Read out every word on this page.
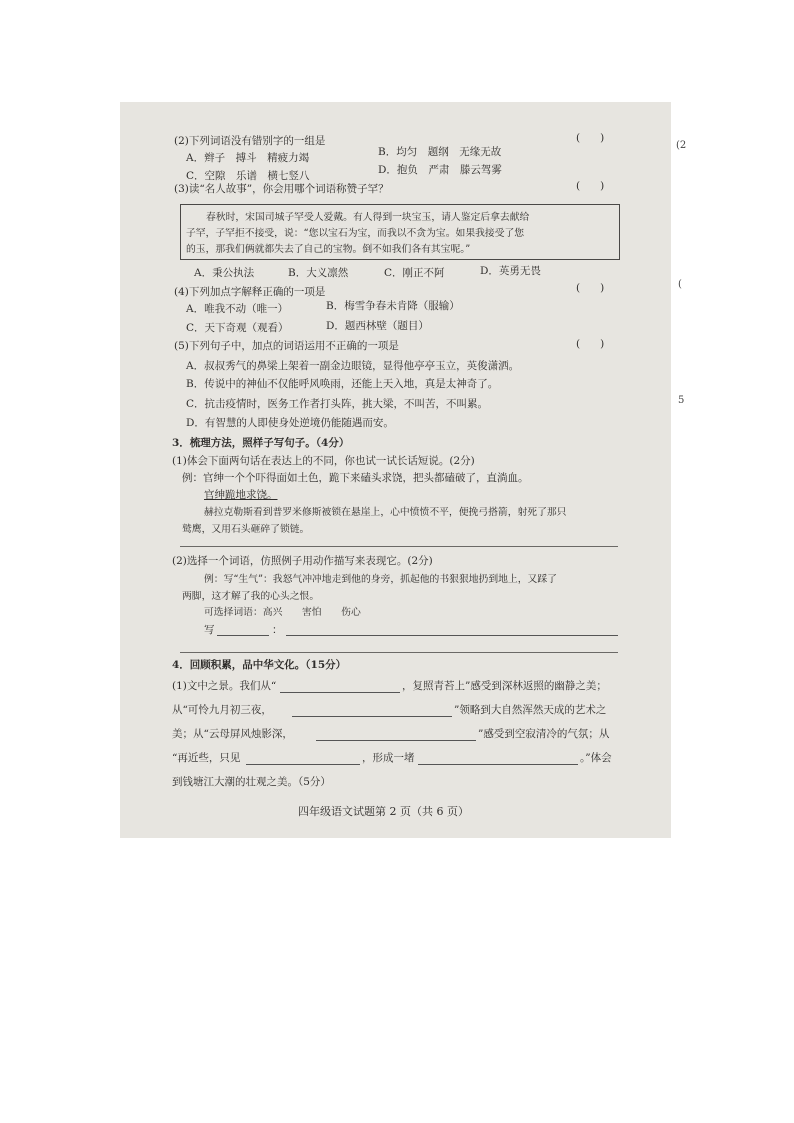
(2)下列词语没有错别字的一组是	(      )
A．辫子　搏斗　精疲力竭	B．均匀　题纲　无缘无故
C．空隙　乐谱　横七竖八	D．抱负　严肃　滕云驾雾
(3)读“名人故事”，你会用哪个词语称赞子罕？	(      )
春秋时，宋国司城子罕受人爱戴。有人得到一块宝玉，请人鉴定后拿去献给
子罕，子罕拒不接受，说：“您以宝石为宝，而我以不贪为宝。如果我接受了您
的玉，那我们俩就都失去了自己的宝物。倒不如我们各有其宝呢。”
A．秉公执法	B．大义凛然	C．刚正不阿	D．英勇无畏
(4)下列加点字解释正确的一项是	(      )
A．唯我不动（唯一）	B．梅雪争春未肯降（服输）
C．天下奇观（观看）	D．题西林壁（题目）
(5)下列句子中，加点的词语运用不正确的一项是	(      )
A．叔叔秀气的鼻梁上架着一副金边眼镜，显得他亭亭玉立，英俊潇洒。
B．传说中的神仙不仅能呼风唤雨，还能上天入地，真是太神奇了。
C．抗击疫情时，医务工作者打头阵，挑大梁，不叫苦，不叫累。
D．有智慧的人即使身处逆境仍能随遇而安。
3．梳理方法，照样子写句子。（4分）
(1)体会下面两句话在表达上的不同，你也试一试长话短说。(2分)
例：官绅一个个吓得面如土色，跪下来磕头求饶，把头都磕破了，直淌血。
官绅跪地求饶。
赫拉克勒斯看到普罗米修斯被锁在悬崖上，心中愤愤不平，便挽弓搭箭，射死了那只
鹫鹰，又用石头砸碎了锁链。
(2)选择一个词语，仿照例子用动作描写来表现它。(2分)
例：写“生气”：我怒气冲冲地走到他的身旁，抓起他的书狠狠地扔到地上，又踩了
两脚，这才解了我的心头之恨。
可选择词语：高兴　　害怕　　伤心
写	：
4．回顾积累，品中华文化。（15分）
(1)文中之景。我们从“	，复照青苔上”感受到深林返照的幽静之美；
从“可怜九月初三夜，	”领略到大自然浑然天成的艺术之
美；从“云母屏风烛影深，	”感受到空寂清冷的气氛；从
“再近些，只见	，形成一堵	。”体会
到钱塘江大潮的壮观之美。（5分）
四年级语文试题第 2 页（共 6 页）
(2
(
5
